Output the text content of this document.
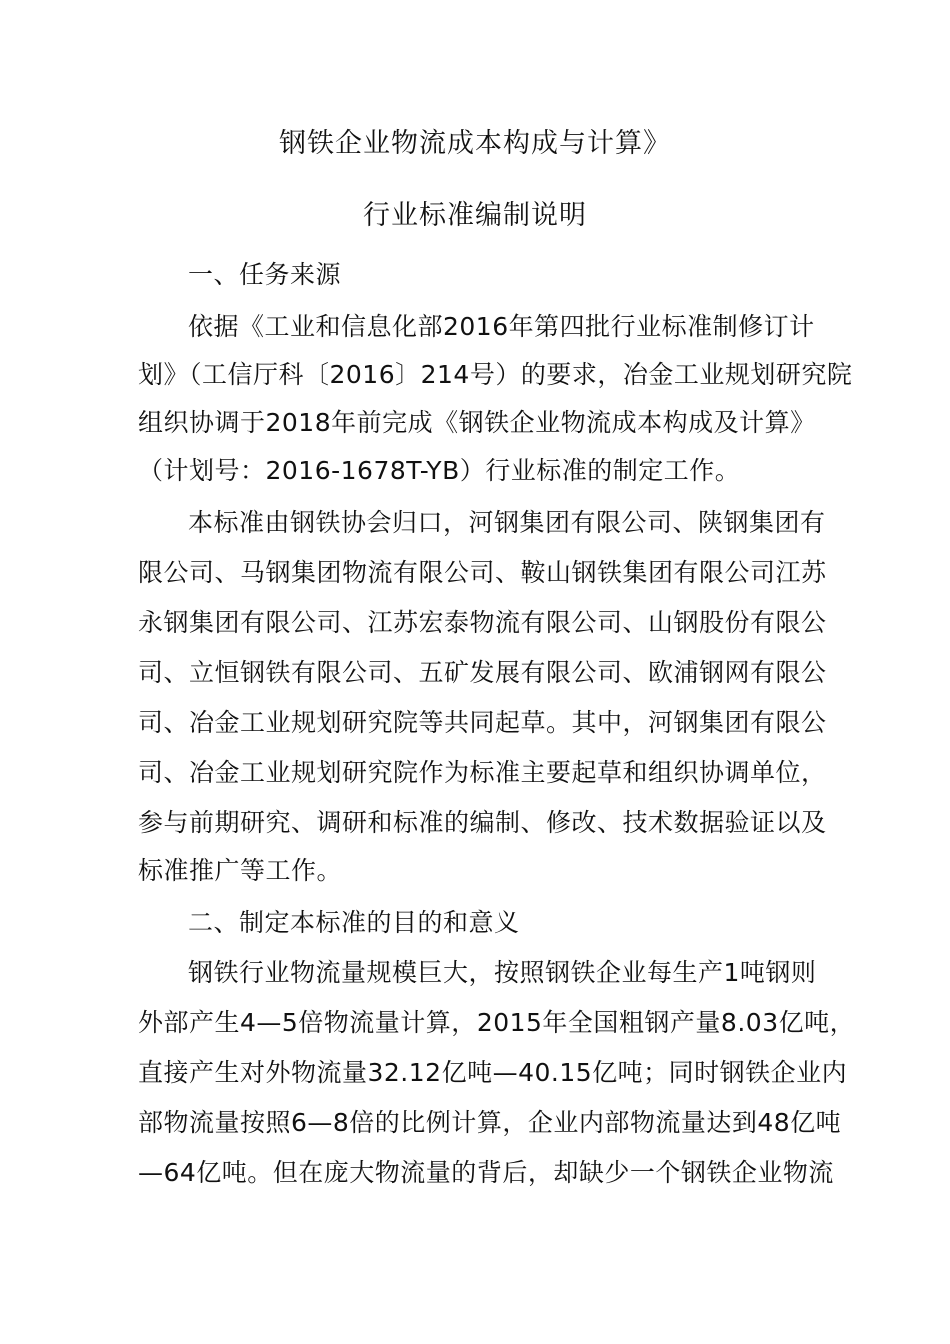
钢铁企业物流成本构成与计算》
行业标准编制说明
一、任务来源
依据《工业和信息化部2016年第四批行业标准制修订计
划》（工信厅科〔2016〕214号）的要求，冶金工业规划研究院
组织协调于2018年前完成《钢铁企业物流成本构成及计算》
（计划号：2016-1678T-YB）行业标准的制定工作。
本标准由钢铁协会归口，河钢集团有限公司、陕钢集团有
限公司、马钢集团物流有限公司、鞍山钢铁集团有限公司江苏
永钢集团有限公司、江苏宏泰物流有限公司、山钢股份有限公
司、立恒钢铁有限公司、五矿发展有限公司、欧浦钢网有限公
司、冶金工业规划研究院等共同起草。其中，河钢集团有限公
司、冶金工业规划研究院作为标准主要起草和组织协调单位，
参与前期研究、调研和标准的编制、修改、技术数据验证以及
标准推广等工作。
二、制定本标准的目的和意义
钢铁行业物流量规模巨大，按照钢铁企业每生产1吨钢则
外部产生4—5倍物流量计算，2015年全国粗钢产量8.03亿吨，
直接产生对外物流量32.12亿吨—40.15亿吨；同时钢铁企业内
部物流量按照6—8倍的比例计算，企业内部物流量达到48亿吨
—64亿吨。但在庞大物流量的背后，却缺少一个钢铁企业物流
